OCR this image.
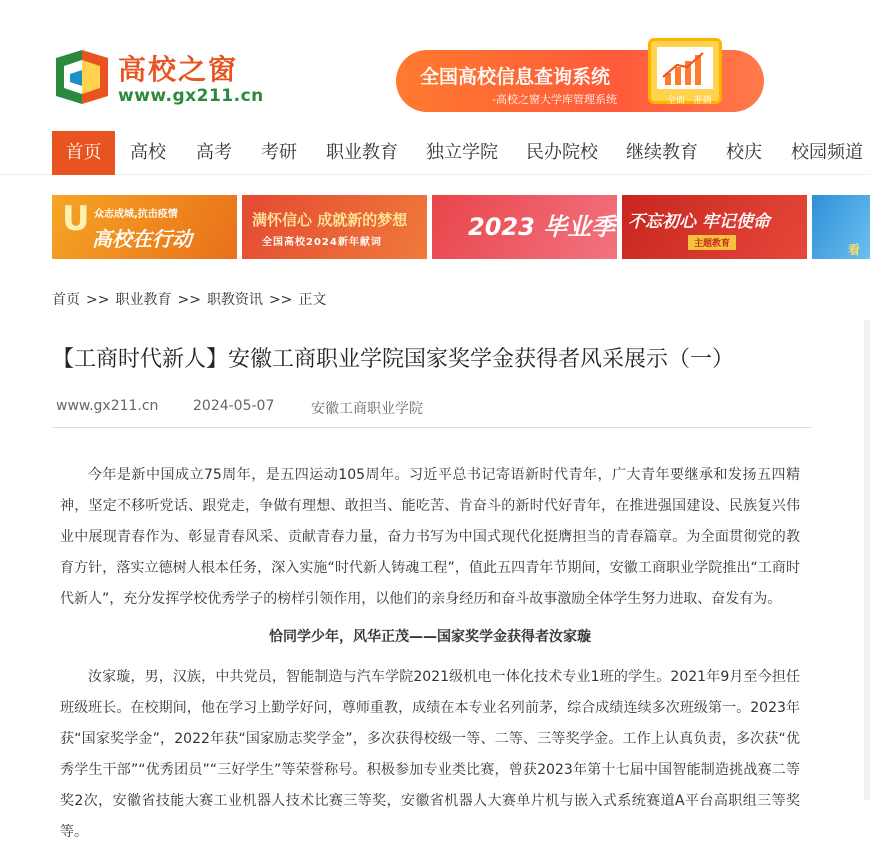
高校之窗
www.gx211.cn
全国高校信息查询系统
-高校之窗大学库管理系统	全面 · 准确
首页	高校	高考	考研	职业教育	独立学院	民办院校	继续教育	校庆	校园频道
U 众志成城,抗击疫情
高校在行动
满怀信心 成就新的梦想
全国高校2024新年献词
2023 毕业季 不忘初心 牢记使命
主题教育	看
首页 >> 职业教育 >> 职教资讯 >> 正文
【工商时代新人】安徽工商职业学院国家奖学金获得者风采展示（一）
www.gx211.cn 2024-05-07	安徽工商职业学院

今年是新中国成立75周年，是五四运动105周年。习近平总书记寄语新时代青年，广大青年要继承和发扬五四精神，坚定不移听党话、跟党走，争做有理想、敢担当、能吃苦、肯奋斗的新时代好青年，在推进强国建设、民族复兴伟业中展现青春作为、彰显青春风采、贡献青春力量，奋力书写为中国式现代化挺膺担当的青春篇章。为全面贯彻党的教育方针，落实立德树人根本任务，深入实施“时代新人铸魂工程”，值此五四青年节期间，安徽工商职业学院推出“工商时代新人”，充分发挥学校优秀学子的榜样引领作用，以他们的亲身经历和奋斗故事激励全体学生努力进取、奋发有为。

恰同学少年，风华正茂——国家奖学金获得者汝家璇

汝家璇，男，汉族，中共党员，智能制造与汽车学院2021级机电一体化技术专业1班的学生。2021年9月至今担任班级班长。在校期间，他在学习上勤学好问，尊师重教，成绩在本专业名列前茅，综合成绩连续多次班级第一。2023年获“国家奖学金”，2022年获“国家励志奖学金”，多次获得校级一等、二等、三等奖学金。工作上认真负责，多次获“优秀学生干部”“优秀团员”“三好学生”等荣誉称号。积极参加专业类比赛，曾获2023年第十七届中国智能制造挑战赛二等奖2次，安徽省技能大赛工业机器人技术比赛三等奖，安徽省机器人大赛单片机与嵌入式系统赛道A平台高职组三等奖等。
